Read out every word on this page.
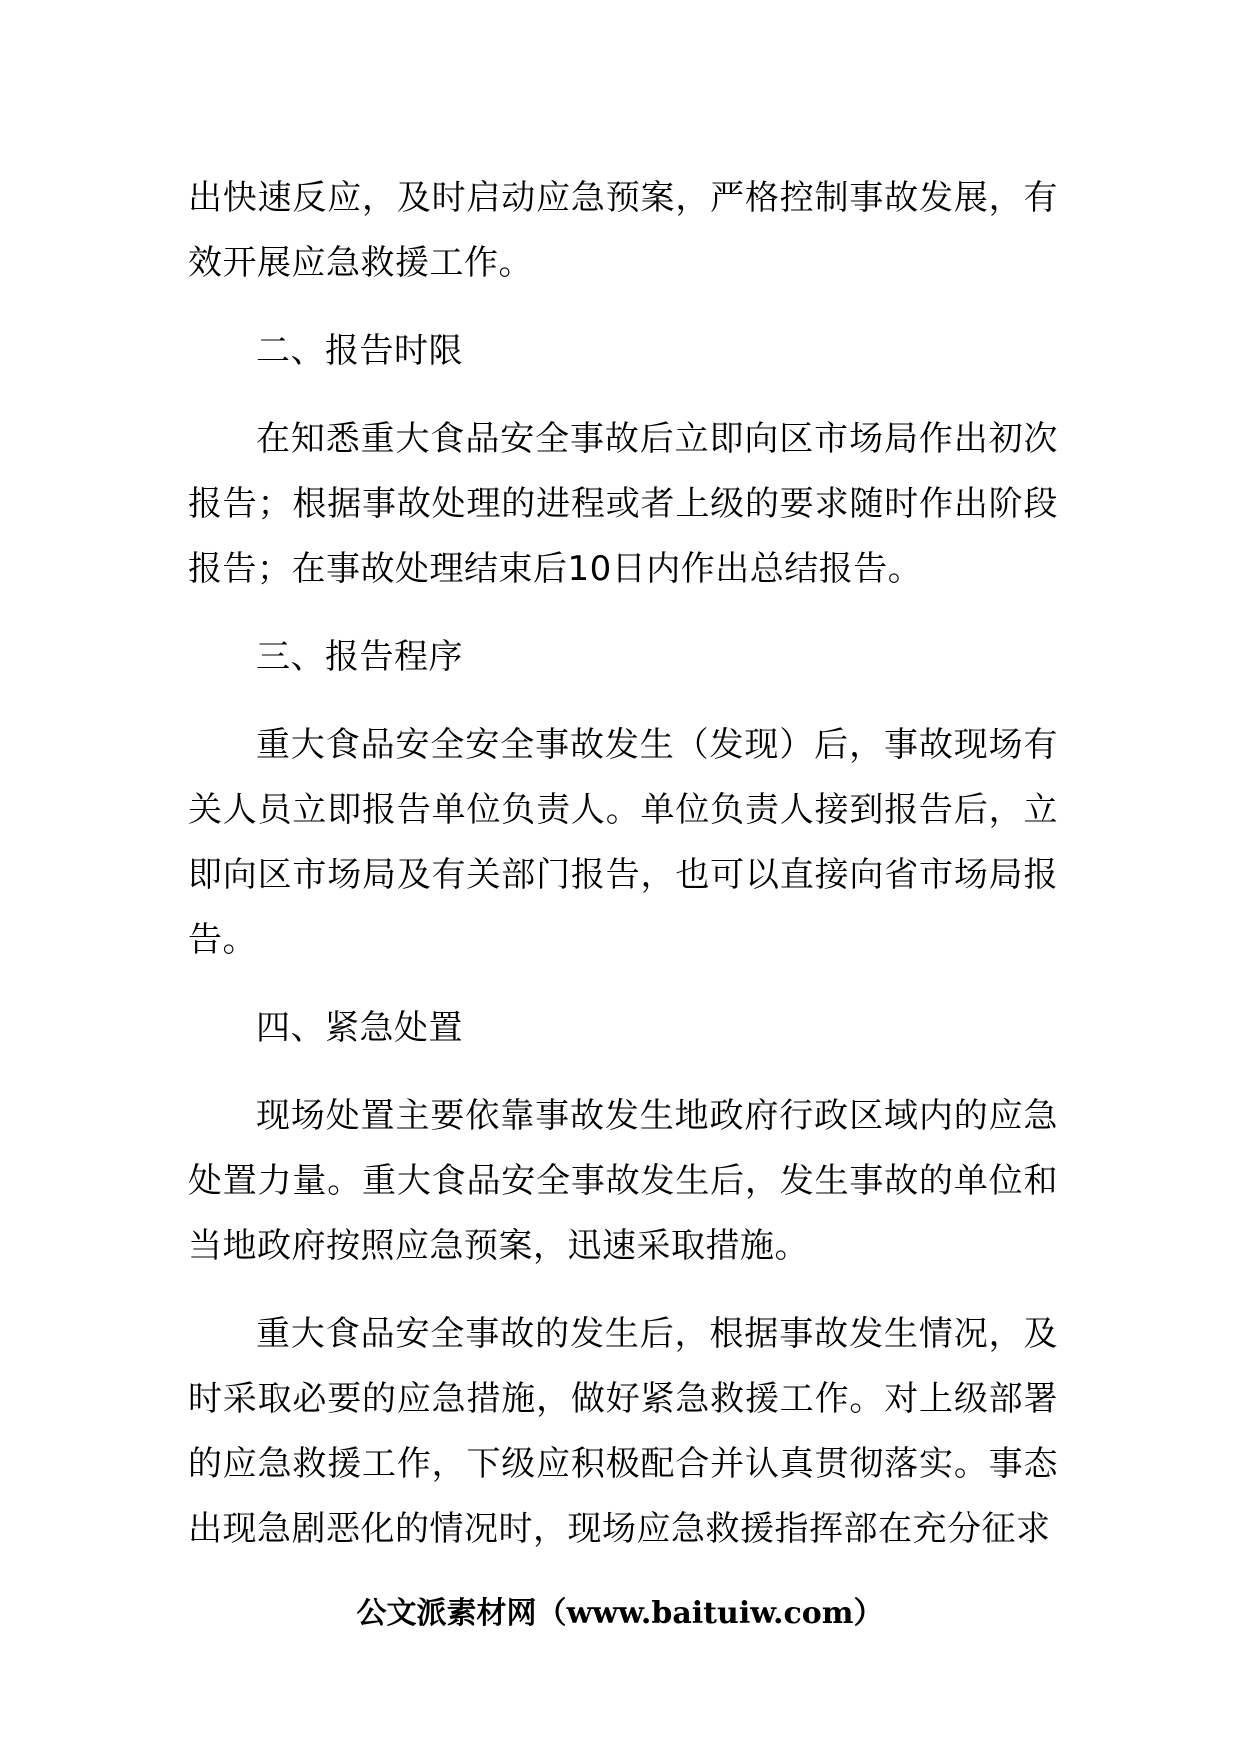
出快速反应，及时启动应急预案，严格控制事故发展，有效开展应急救援工作。

二、报告时限

在知悉重大食品安全事故后立即向区市场局作出初次报告；根据事故处理的进程或者上级的要求随时作出阶段报告；在事故处理结束后10日内作出总结报告。

三、报告程序

重大食品安全安全事故发生（发现）后，事故现场有关人员立即报告单位负责人。单位负责人接到报告后，立即向区市场局及有关部门报告，也可以直接向省市场局报告。

四、紧急处置

现场处置主要依靠事故发生地政府行政区域内的应急处置力量。重大食品安全事故发生后，发生事故的单位和当地政府按照应急预案，迅速采取措施。

重大食品安全事故的发生后，根据事故发生情况，及时采取必要的应急措施，做好紧急救援工作。对上级部署的应急救援工作，下级应积极配合并认真贯彻落实。事态出现急剧恶化的情况时，现场应急救援指挥部在充分征求

公文派素材网（www.baituiw.com）
